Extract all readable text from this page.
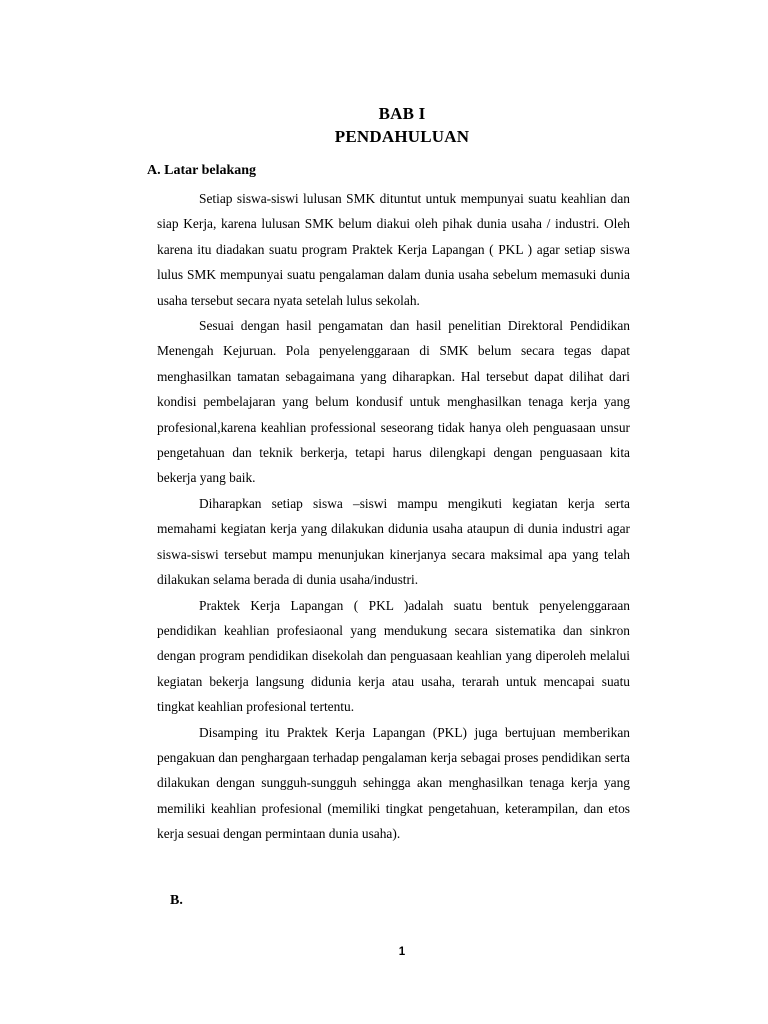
BAB I
PENDAHULUAN
A. Latar belakang

Setiap siswa-siswi lulusan SMK dituntut untuk mempunyai suatu keahlian dan siap Kerja, karena lulusan SMK belum diakui oleh pihak dunia usaha / industri. Oleh karena itu diadakan suatu program Praktek Kerja Lapangan ( PKL ) agar setiap siswa lulus SMK mempunyai suatu pengalaman dalam dunia usaha sebelum memasuki dunia usaha tersebut secara nyata setelah lulus sekolah.

Sesuai dengan hasil pengamatan dan hasil penelitian Direktoral Pendidikan Menengah Kejuruan. Pola penyelenggaraan di SMK belum secara tegas dapat menghasilkan tamatan sebagaimana yang diharapkan. Hal tersebut dapat dilihat dari kondisi pembelajaran yang belum kondusif untuk menghasilkan tenaga kerja yang profesional,karena keahlian professional seseorang tidak hanya oleh penguasaan unsur pengetahuan dan teknik berkerja, tetapi harus dilengkapi dengan penguasaan kita bekerja yang baik.

Diharapkan setiap siswa –siswi mampu mengikuti kegiatan kerja serta memahami kegiatan kerja yang dilakukan didunia usaha ataupun di dunia industri agar siswa-siswi tersebut mampu menunjukan kinerjanya secara maksimal apa yang telah dilakukan selama berada di dunia usaha/industri.

Praktek Kerja Lapangan ( PKL )adalah suatu bentuk penyelenggaraan pendidikan keahlian profesiaonal yang mendukung secara sistematika dan sinkron dengan program pendidikan disekolah dan penguasaan keahlian yang diperoleh melalui kegiatan bekerja langsung didunia kerja atau usaha, terarah untuk mencapai suatu tingkat keahlian profesional tertentu.

Disamping itu Praktek Kerja Lapangan (PKL) juga bertujuan memberikan pengakuan dan penghargaan terhadap pengalaman kerja sebagai proses pendidikan serta dilakukan dengan sungguh-sungguh sehingga akan menghasilkan tenaga kerja yang memiliki keahlian profesional (memiliki tingkat pengetahuan, keterampilan, dan etos kerja sesuai dengan permintaan dunia usaha).

B.
1
